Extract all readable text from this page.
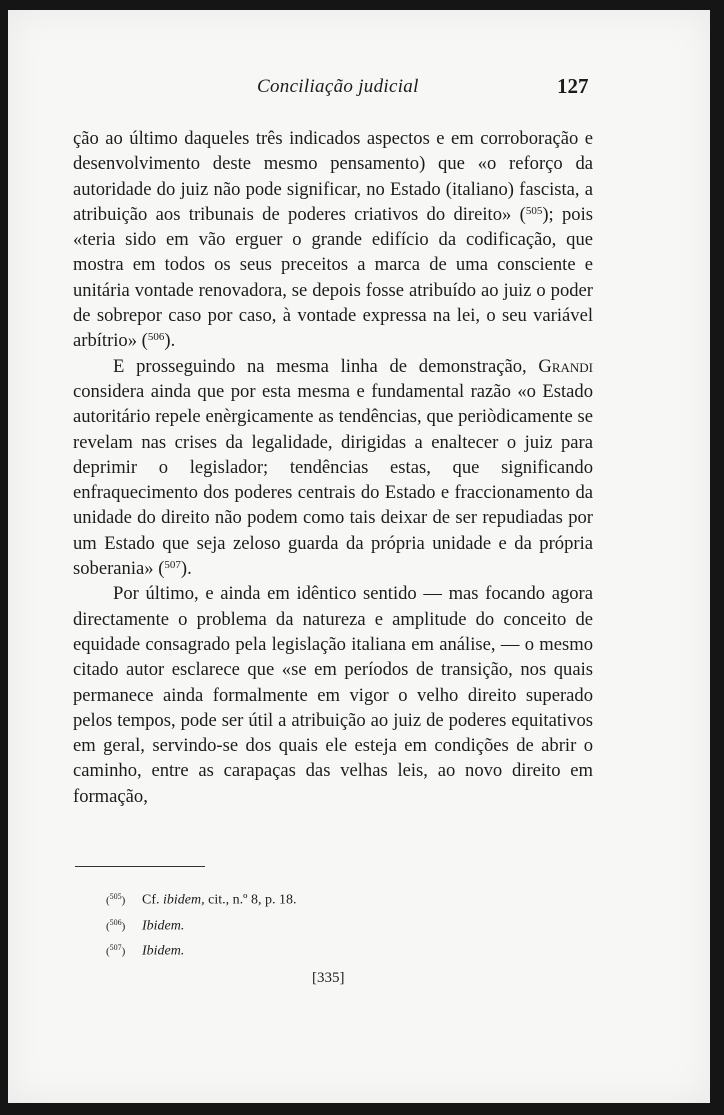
Conciliação judicial	127

ção ao último daqueles três indicados aspectos e em corroboração e desenvolvimento deste mesmo pensamento) que «o reforço da autoridade do juiz não pode significar, no Estado (italiano) fascista, a atribuição aos tribunais de poderes criativos do direito» ($^{505}$); pois «teria sido em vão erguer o grande edifício da codificação, que mostra em todos os seus preceitos a marca de uma consciente e unitária vontade renovadora, se depois fosse atribuído ao juiz o poder de sobrepor caso por caso, à vontade expressa na lei, o seu variável arbítrio» ($^{506}$).

E prosseguindo na mesma linha de demonstração, Grandi considera ainda que por esta mesma e fundamental razão «o Estado autoritário repele enèrgicamente as tendências, que periòdicamente se revelam nas crises da legalidade, dirigidas a enaltecer o juiz para deprimir o legislador; tendências estas, que significando enfraquecimento dos poderes centrais do Estado e fraccionamento da unidade do direito não podem como tais deixar de ser repudiadas por um Estado que seja zeloso guarda da própria unidade e da própria soberania» ($^{507}$).

Por último, e ainda em idêntico sentido — mas focando agora directamente o problema da natureza e amplitude do conceito de equidade consagrado pela legislação italiana em análise, — o mesmo citado autor esclarece que «se em períodos de transição, nos quais permanece ainda formalmente em vigor o velho direito superado pelos tempos, pode ser útil a atribuição ao juiz de poderes equitativos em geral, servindo-se dos quais ele esteja em condições de abrir o caminho, entre as carapaças das velhas leis, ao novo direito em formação,

($^{505}$) Cf. ibidem, cit., n.º 8, p. 18.
($^{506}$) Ibidem.
($^{507}$) Ibidem.
[335]
